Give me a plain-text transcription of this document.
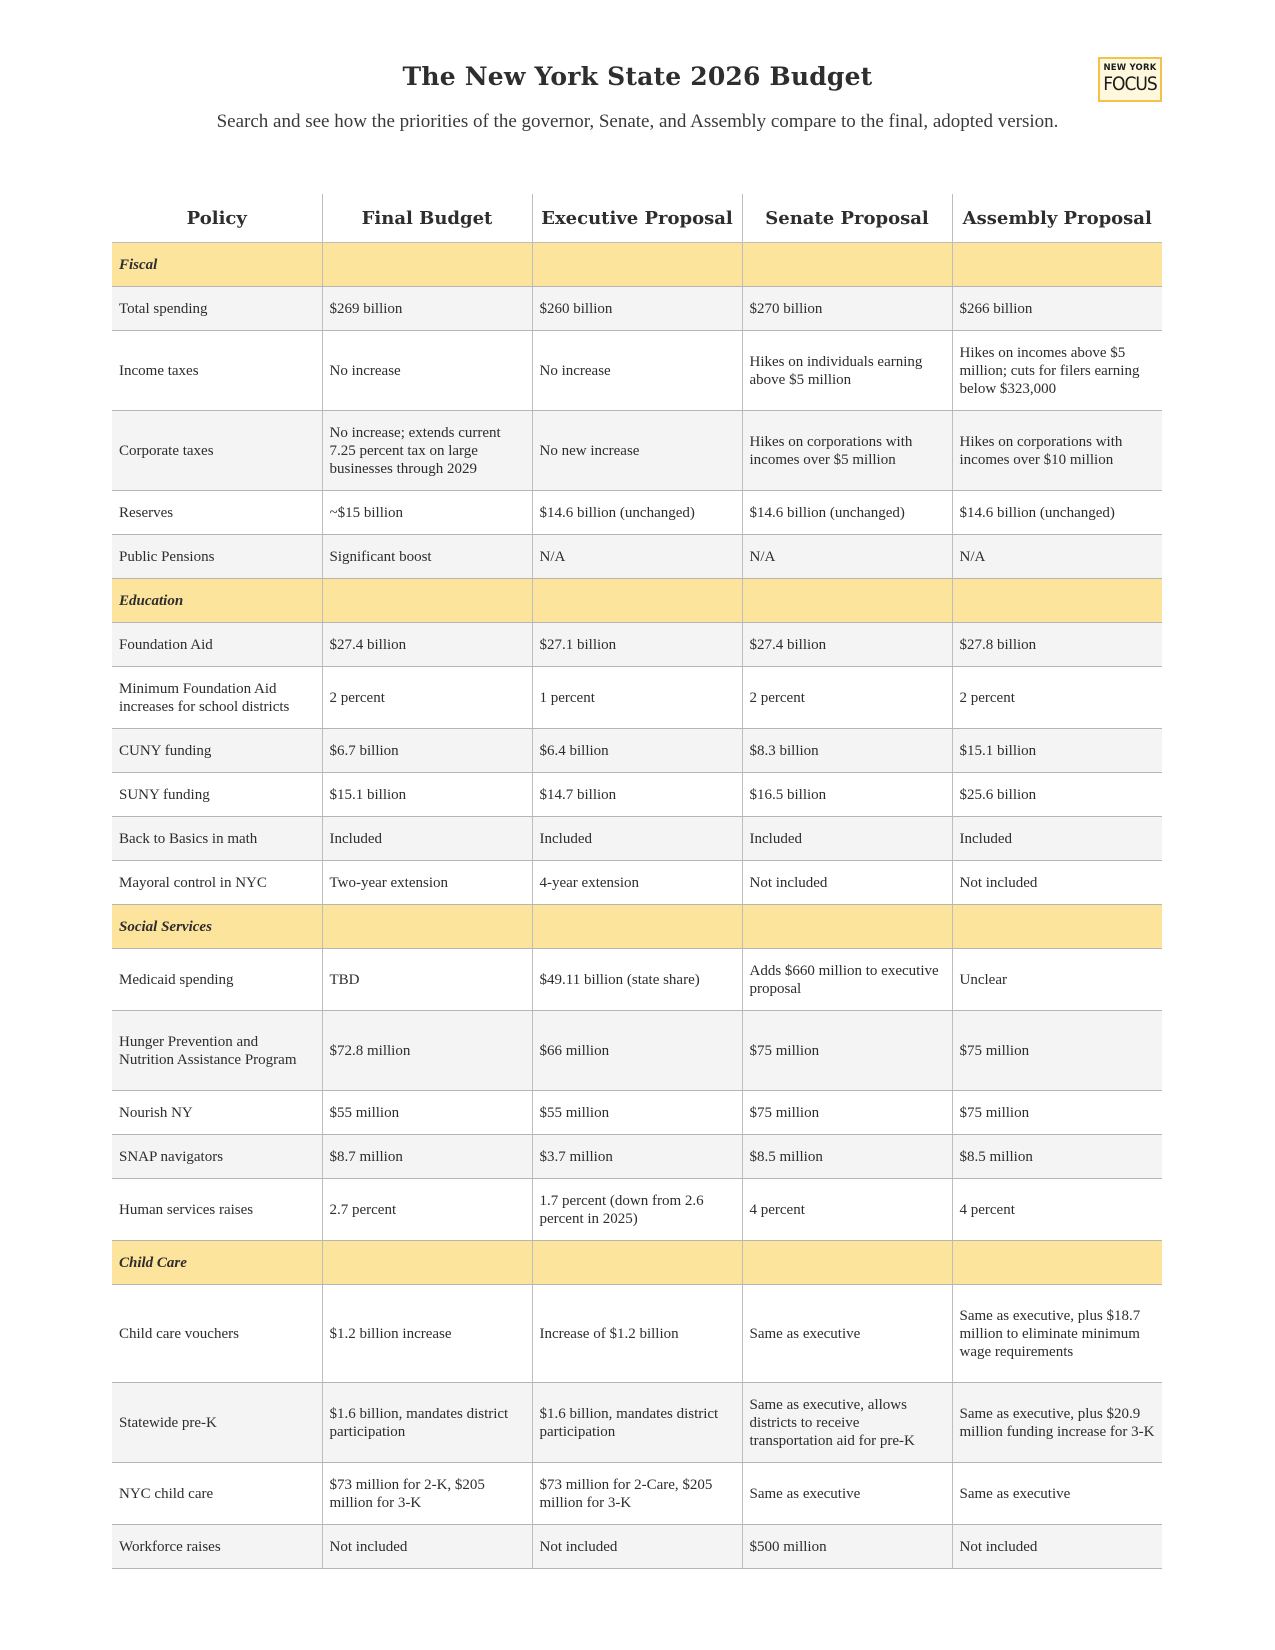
The New York State 2026 Budget
Search and see how the priorities of the governor, Senate, and Assembly compare to the final, adopted version.
NEW YORK
FOCUS
Policy	Final Budget	Executive Proposal	Senate Proposal	Assembly Proposal
Fiscal				
Total spending	$269 billion	$260 billion	$270 billion	$266 billion
Income taxes	No increase	No increase	Hikes on individuals earning above $5 million	Hikes on incomes above $5 million; cuts for filers earning below $323,000
Corporate taxes	No increase; extends current 7.25 percent tax on large businesses through 2029	No new increase	Hikes on corporations with incomes over $5 million	Hikes on corporations with incomes over $10 million
Reserves	~$15 billion	$14.6 billion (unchanged)	$14.6 billion (unchanged)	$14.6 billion (unchanged)
Public Pensions	Significant boost	N/A	N/A	N/A
Education				
Foundation Aid	$27.4 billion	$27.1 billion	$27.4 billion	$27.8 billion
Minimum Foundation Aid increases for school districts	2 percent	1 percent	2 percent	2 percent
CUNY funding	$6.7 billion	$6.4 billion	$8.3 billion	$15.1 billion
SUNY funding	$15.1 billion	$14.7 billion	$16.5 billion	$25.6 billion
Back to Basics in math	Included	Included	Included	Included
Mayoral control in NYC	Two-year extension	4-year extension	Not included	Not included
Social Services				
Medicaid spending	TBD	$49.11 billion (state share)	Adds $660 million to executive proposal	Unclear
Hunger Prevention and Nutrition Assistance Program	$72.8 million	$66 million	$75 million	$75 million
Nourish NY	$55 million	$55 million	$75 million	$75 million
SNAP navigators	$8.7 million	$3.7 million	$8.5 million	$8.5 million
Human services raises	2.7 percent	1.7 percent (down from 2.6 percent in 2025)	4 percent	4 percent
Child Care				
Child care vouchers	$1.2 billion increase	Increase of $1.2 billion	Same as executive	Same as executive, plus $18.7 million to eliminate minimum wage requirements
Statewide pre-K	$1.6 billion, mandates district participation	$1.6 billion, mandates district participation	Same as executive, allows districts to receive transportation aid for pre-K	Same as executive, plus $20.9 million funding increase for 3-K
NYC child care	$73 million for 2-K, $205 million for 3-K	$73 million for 2-Care, $205 million for 3-K	Same as executive	Same as executive
Workforce raises	Not included	Not included	$500 million	Not included
